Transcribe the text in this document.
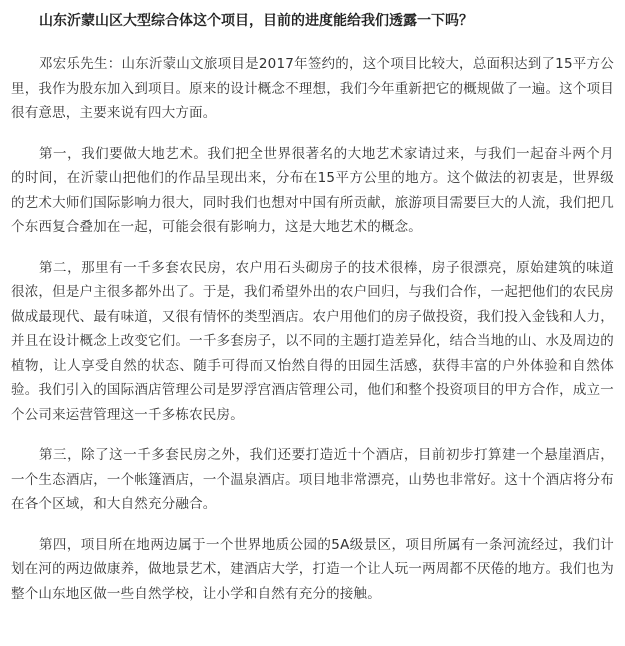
山东沂蒙山区大型综合体这个项目，目前的进度能给我们透露一下吗？

邓宏乐先生：山东沂蒙山文旅项目是2017年签约的，这个项目比较大，总面积达到了15平方公里，我作为股东加入到项目。原来的设计概念不理想，我们今年重新把它的概规做了一遍。这个项目很有意思，主要来说有四大方面。

第一，我们要做大地艺术。我们把全世界很著名的大地艺术家请过来，与我们一起奋斗两个月的时间，在沂蒙山把他们的作品呈现出来，分布在15平方公里的地方。这个做法的初衷是，世界级的艺术大师们国际影响力很大，同时我们也想对中国有所贡献，旅游项目需要巨大的人流，我们把几个东西复合叠加在一起，可能会很有影响力，这是大地艺术的概念。

第二，那里有一千多套农民房，农户用石头砌房子的技术很棒，房子很漂亮，原始建筑的味道很浓，但是户主很多都外出了。于是，我们希望外出的农户回归，与我们合作，一起把他们的农民房做成最现代、最有味道，又很有情怀的类型酒店。农户用他们的房子做投资，我们投入金钱和人力，并且在设计概念上改变它们。一千多套房子，以不同的主题打造差异化，结合当地的山、水及周边的植物，让人享受自然的状态、随手可得而又怡然自得的田园生活感，获得丰富的户外体验和自然体验。我们引入的国际酒店管理公司是罗浮宫酒店管理公司，他们和整个投资项目的甲方合作，成立一个公司来运营管理这一千多栋农民房。

第三，除了这一千多套民房之外，我们还要打造近十个酒店，目前初步打算建一个悬崖酒店，一个生态酒店，一个帐篷酒店，一个温泉酒店。项目地非常漂亮，山势也非常好。这十个酒店将分布在各个区域，和大自然充分融合。

第四，项目所在地两边属于一个世界地质公园的5A级景区，项目所属有一条河流经过，我们计划在河的两边做康养，做地景艺术，建酒店大学，打造一个让人玩一两周都不厌倦的地方。我们也为整个山东地区做一些自然学校，让小学和自然有充分的接触。
